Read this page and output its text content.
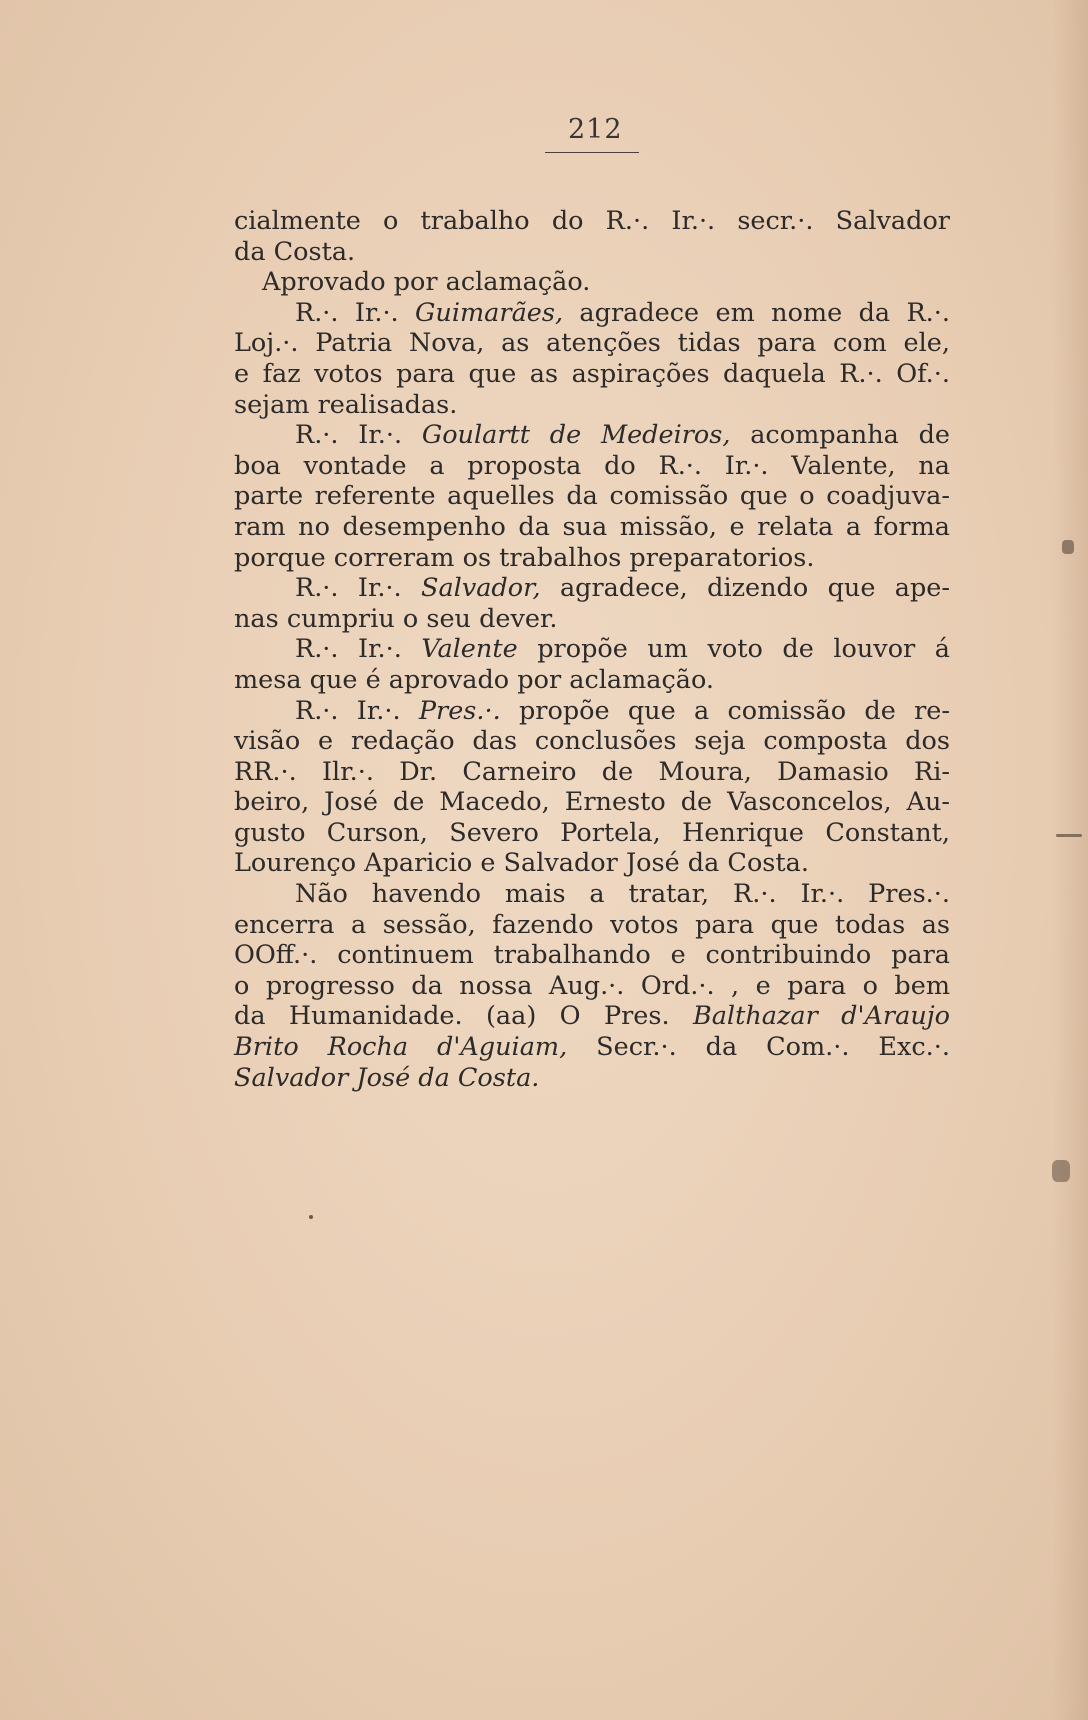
212
cialmente o trabalho do R.·. Ir.·. secr.·. Salvador
da Costa.
Aprovado por aclamação.
R.·. Ir.·. Guimarães, agradece em nome da R.·.
Loj.·. Patria Nova, as atenções tidas para com ele,
e faz votos para que as aspirações daquela R.·. Of.·.
sejam realisadas.
R.·. Ir.·. Goulartt de Medeiros, acompanha de
boa vontade a proposta do R.·. Ir.·. Valente, na
parte referente aquelles da comissão que o coadjuva-
ram no desempenho da sua missão, e relata a forma
porque correram os trabalhos preparatorios.
R.·. Ir.·. Salvador, agradece, dizendo que ape-
nas cumpriu o seu dever.
R.·. Ir.·. Valente propõe um voto de louvor á
mesa que é aprovado por aclamação.
R.·. Ir.·. Pres.·. propõe que a comissão de re-
visão e redação das conclusões seja composta dos
RR.·. Ilr.·. Dr. Carneiro de Moura, Damasio Ri-
beiro, José de Macedo, Ernesto de Vasconcelos, Au-
gusto Curson, Severo Portela, Henrique Constant,
Lourenço Aparicio e Salvador José da Costa.
Não havendo mais a tratar, R.·. Ir.·. Pres.·.
encerra a sessão, fazendo votos para que todas as
OOff.·. continuem trabalhando e contribuindo para
o progresso da nossa Aug.·. Ord.·. , e para o bem
da Humanidade. (aa) O Pres. Balthazar d'Araujo
Brito Rocha d'Aguiam, Secr.·. da Com.·. Exc.·.
Salvador José da Costa.
